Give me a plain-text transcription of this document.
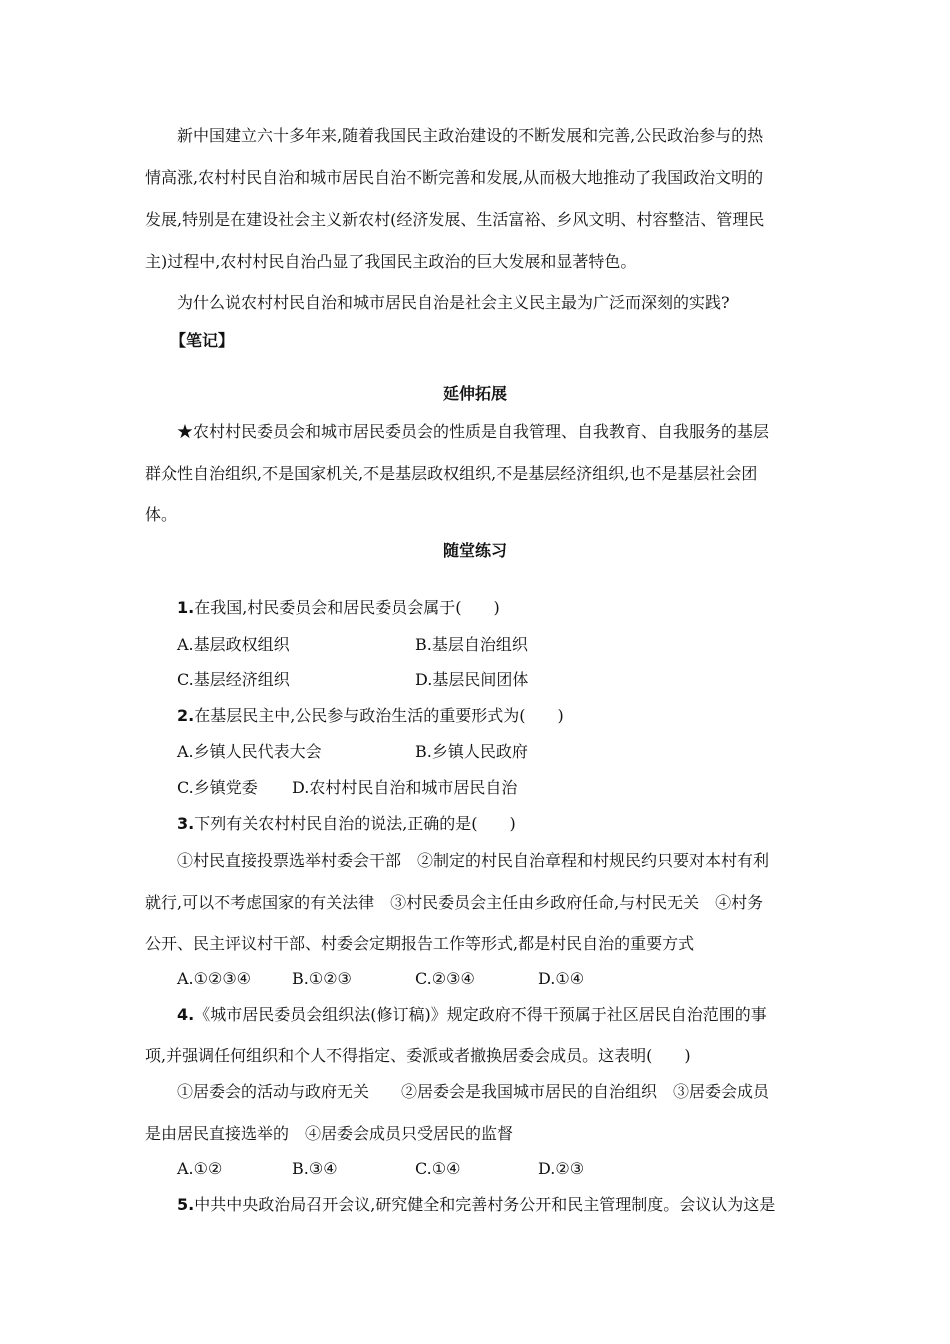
新中国建立六十多年来,随着我国民主政治建设的不断发展和完善,公民政治参与的热
情高涨,农村村民自治和城市居民自治不断完善和发展,从而极大地推动了我国政治文明的
发展,特别是在建设社会主义新农村(经济发展、生活富裕、乡风文明、村容整洁、管理民
主)过程中,农村村民自治凸显了我国民主政治的巨大发展和显著特色。
为什么说农村村民自治和城市居民自治是社会主义民主最为广泛而深刻的实践?
【笔记】
延伸拓展
★农村村民委员会和城市居民委员会的性质是自我管理、自我教育、自我服务的基层
群众性自治组织,不是国家机关,不是基层政权组织,不是基层经济组织,也不是基层社会团
体。
随堂练习
1.在我国,村民委员会和居民委员会属于(　　)
A.基层政权组织	B.基层自治组织
C.基层经济组织	D.基层民间团体
2.在基层民主中,公民参与政治生活的重要形式为(　　)
A.乡镇人民代表大会	B.乡镇人民政府
C.乡镇党委 D.农村村民自治和城市居民自治
3.下列有关农村村民自治的说法,正确的是(　　)
①村民直接投票选举村委会干部　②制定的村民自治章程和村规民约只要对本村有利
就行,可以不考虑国家的有关法律　③村民委员会主任由乡政府任命,与村民无关　④村务
公开、民主评议村干部、村委会定期报告工作等形式,都是村民自治的重要方式
A.①②③④	B.①②③	C.②③④	D.①④
4.《城市居民委员会组织法(修订稿)》规定政府不得干预属于社区居民自治范围的事
项,并强调任何组织和个人不得指定、委派或者撤换居委会成员。这表明(　　)
①居委会的活动与政府无关　　②居委会是我国城市居民的自治组织　③居委会成员
是由居民直接选举的　④居委会成员只受居民的监督
A.①②	B.③④	C.①④	D.②③
5.中共中央政治局召开会议,研究健全和完善村务公开和民主管理制度。会议认为这是
